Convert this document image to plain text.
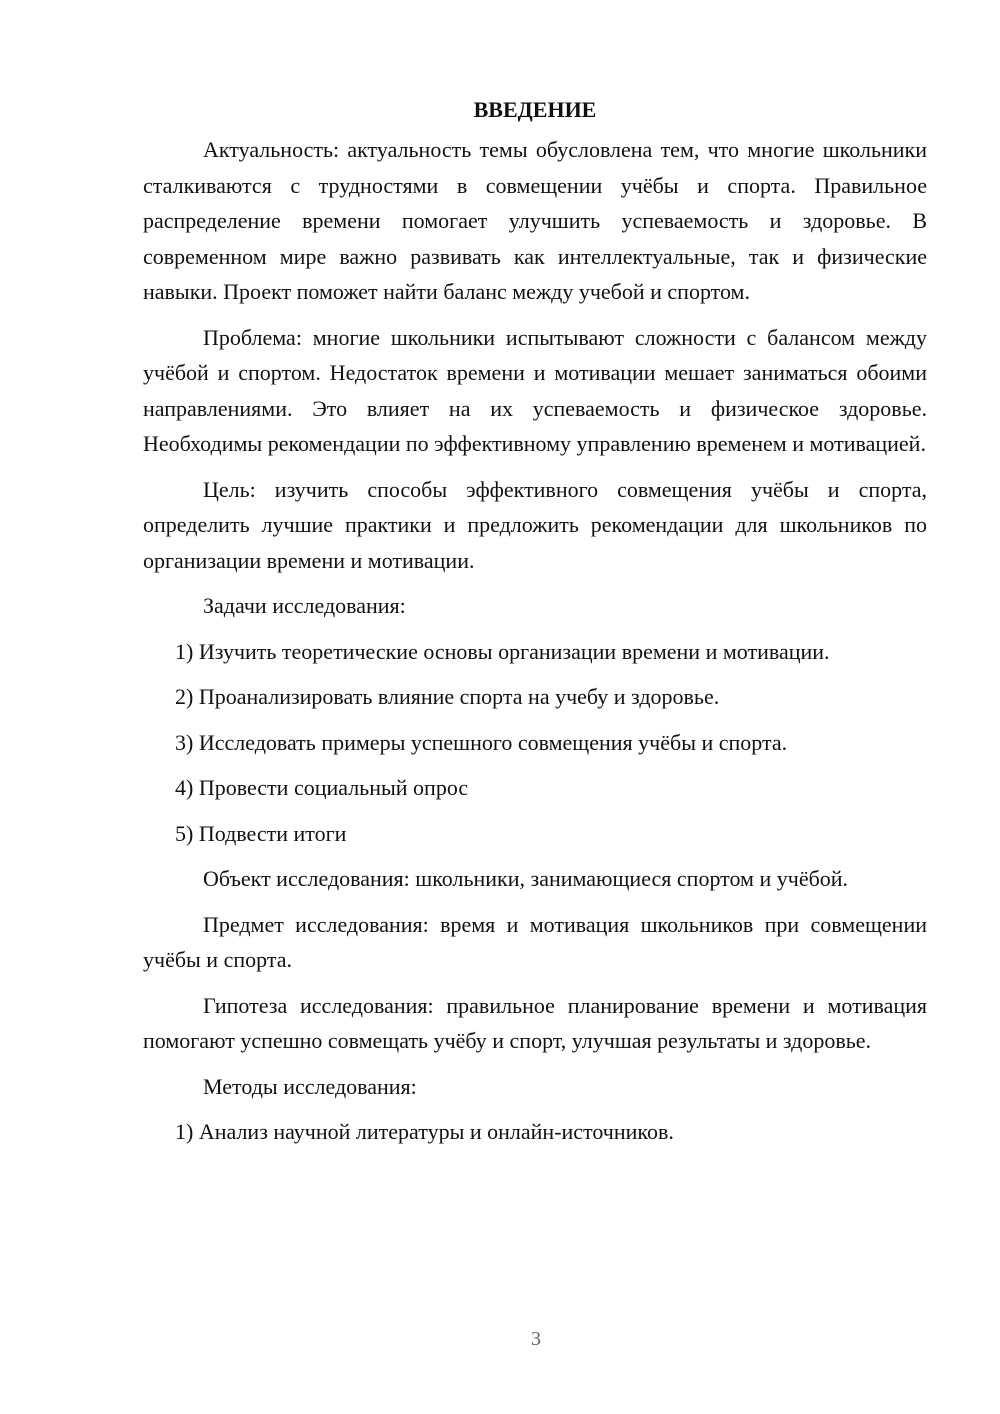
ВВЕДЕНИЕ

Актуальность: актуальность темы обусловлена тем, что многие школьники сталкиваются с трудностями в совмещении учёбы и спорта. Правильное распределение времени помогает улучшить успеваемость и здоровье. В современном мире важно развивать как интеллектуальные, так и физические навыки. Проект поможет найти баланс между учебой и спортом.

Проблема: многие школьники испытывают сложности с балансом между учёбой и спортом. Недостаток времени и мотивации мешает заниматься обоими направлениями. Это влияет на их успеваемость и физическое здоровье. Необходимы рекомендации по эффективному управлению временем и мотивацией.

Цель: изучить способы эффективного совмещения учёбы и спорта, определить лучшие практики и предложить рекомендации для школьников по организации времени и мотивации.

Задачи исследования:

1) Изучить теоретические основы организации времени и мотивации.
2) Проанализировать влияние спорта на учебу и здоровье.
3) Исследовать примеры успешного совмещения учёбы и спорта.
4) Провести социальный опрос
5) Подвести итоги

Объект исследования: школьники, занимающиеся спортом и учёбой.

Предмет исследования: время и мотивация школьников при совмещении учёбы и спорта.

Гипотеза исследования: правильное планирование времени и мотивация помогают успешно совмещать учёбу и спорт, улучшая результаты и здоровье.

Методы исследования:

1) Анализ научной литературы и онлайн-источников.
3
